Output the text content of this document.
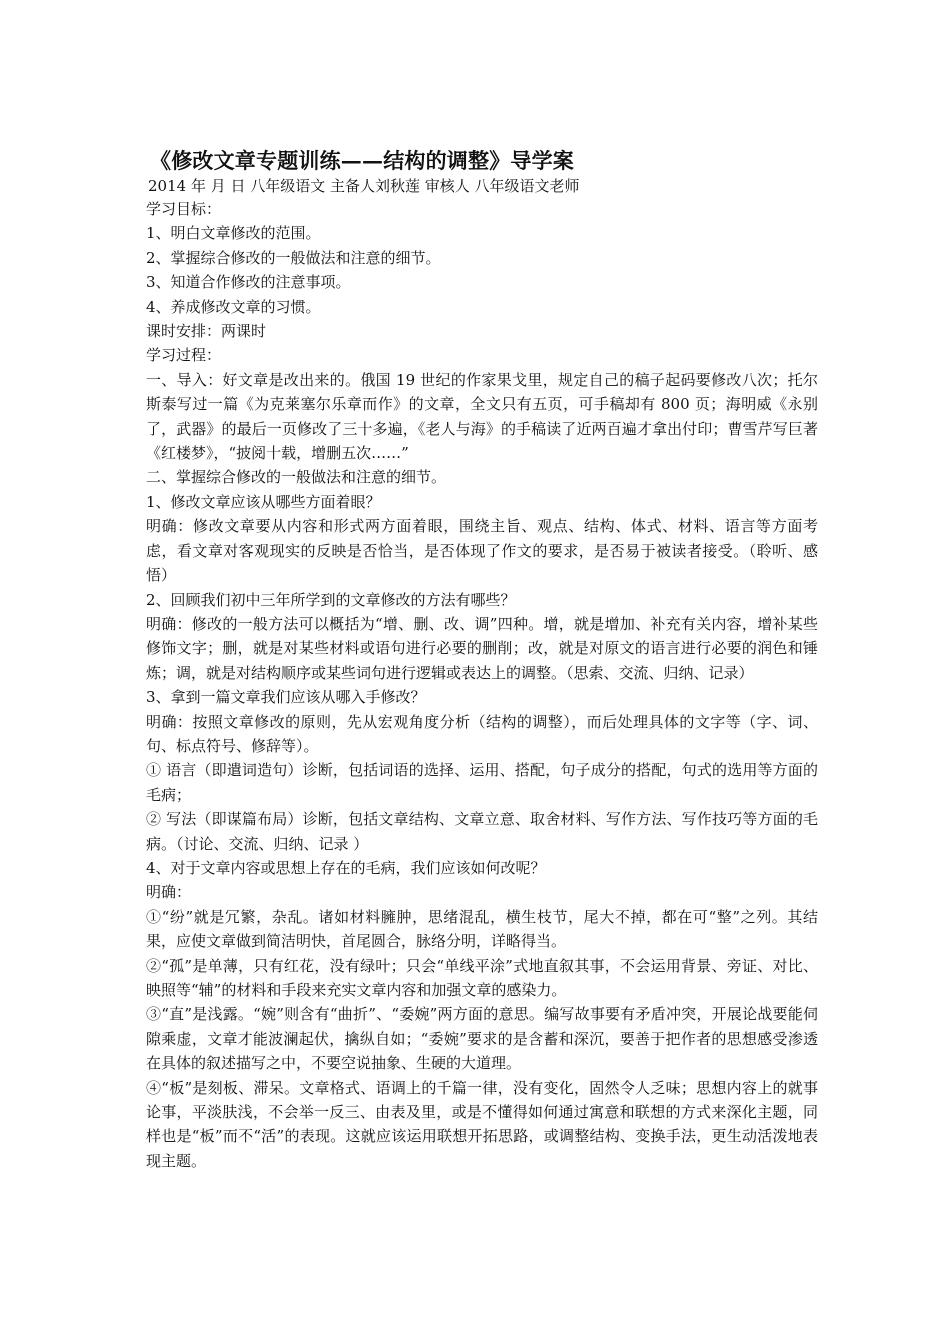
《修改文章专题训练——结构的调整》导学案
2014 年 月 日 八年级语文 主备人刘秋莲 审核人 八年级语文老师

学习目标：

1、明白文章修改的范围。

2、掌握综合修改的一般做法和注意的细节。

3、知道合作修改的注意事项。

4、养成修改文章的习惯。

课时安排：两课时

学习过程：

一、导入：好文章是改出来的。俄国 19 世纪的作家果戈里，规定自己的稿子起码要修改八次；托尔斯泰写过一篇《为克莱塞尔乐章而作》的文章，全文只有五页，可手稿却有 800 页；海明威《永别了，武器》的最后一页修改了三十多遍，《老人与海》的手稿读了近两百遍才拿出付印；曹雪芹写巨著《红楼梦》，“披阅十载，增删五次……”

二、掌握综合修改的一般做法和注意的细节。

1、修改文章应该从哪些方面着眼？

明确：修改文章要从内容和形式两方面着眼，围绕主旨、观点、结构、体式、材料、语言等方面考虑，看文章对客观现实的反映是否恰当，是否体现了作文的要求，是否易于被读者接受。（聆听、感悟）

2、回顾我们初中三年所学到的文章修改的方法有哪些？

明确：修改的一般方法可以概括为“增、删、改、调”四种。增，就是增加、补充有关内容，增补某些修饰文字；删，就是对某些材料或语句进行必要的删削；改，就是对原文的语言进行必要的润色和锤炼；调，就是对结构顺序或某些词句进行逻辑或表达上的调整。（思索、交流、归纳、记录）

3、拿到一篇文章我们应该从哪入手修改？

明确：按照文章修改的原则，先从宏观角度分析（结构的调整），而后处理具体的文字等（字、词、句、标点符号、修辞等）。

① 语言（即遣词造句）诊断，包括词语的选择、运用、搭配，句子成分的搭配，句式的选用等方面的毛病；

② 写法（即谋篇布局）诊断，包括文章结构、文章立意、取舍材料、写作方法、写作技巧等方面的毛病。（讨论、交流、归纳、记录 ）

4、对于文章内容或思想上存在的毛病，我们应该如何改呢？

明确：

①“纷”就是冗繁，杂乱。诸如材料臃肿，思绪混乱，横生枝节，尾大不掉，都在可“整”之列。其结果，应使文章做到简洁明快，首尾圆合，脉络分明，详略得当。

②“孤”是单薄，只有红花，没有绿叶；只会“单线平涂”式地直叙其事，不会运用背景、旁证、对比、映照等“辅”的材料和手段来充实文章内容和加强文章的感染力。

③“直”是浅露。“婉”则含有“曲折”、“委婉”两方面的意思。编写故事要有矛盾冲突，开展论战要能伺隙乘虚，文章才能波澜起伏，擒纵自如；“委婉”要求的是含蓄和深沉，要善于把作者的思想感受渗透在具体的叙述描写之中，不要空说抽象、生硬的大道理。

④“板”是刻板、滞呆。文章格式、语调上的千篇一律，没有变化，固然令人乏味；思想内容上的就事论事，平淡肤浅，不会举一反三、由表及里，或是不懂得如何通过寓意和联想的方式来深化主题，同样也是“板”而不“活”的表现。这就应该运用联想开拓思路，或调整结构、变换手法，更生动活泼地表现主题。
